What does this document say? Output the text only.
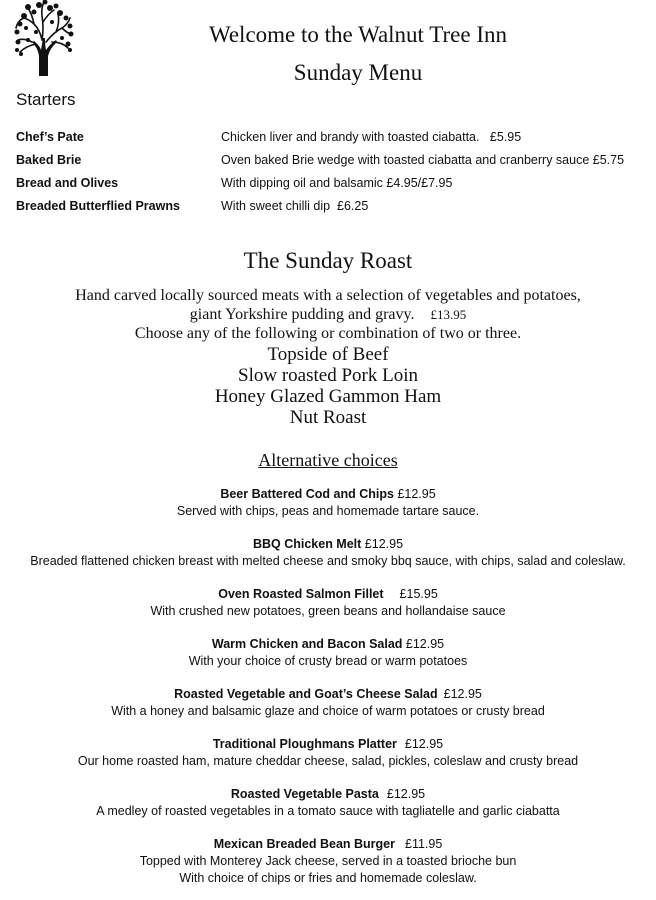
Welcome to the Walnut Tree Inn
Sunday Menu
Starters
Chef’s Pate	Chicken liver and brandy with toasted ciabatta.   £5.95
Baked Brie	Oven baked Brie wedge with toasted ciabatta and cranberry sauce £5.75
Bread and Olives	With dipping oil and balsamic £4.95/£7.95
Breaded Butterflied Prawns	With sweet chilli dip  £6.25
The Sunday Roast
Hand carved locally sourced meats with a selection of vegetables and potatoes,
giant Yorkshire pudding and gravy. £13.95
Choose any of the following or combination of two or three.
Topside of Beef
Slow roasted Pork Loin
Honey Glazed Gammon Ham
Nut Roast
Alternative choices
Beer Battered Cod and Chips £12.95
Served with chips, peas and homemade tartare sauce.
BBQ Chicken Melt £12.95
Breaded flattened chicken breast with melted cheese and smoky bbq sauce, with chips, salad and coleslaw.
Oven Roasted Salmon Fillet £15.95
With crushed new potatoes, green beans and hollandaise sauce
Warm Chicken and Bacon Salad £12.95
With your choice of crusty bread or warm potatoes
Roasted Vegetable and Goat’s Cheese Salad £12.95
With a honey and balsamic glaze and choice of warm potatoes or crusty bread
Traditional Ploughmans Platter £12.95
Our home roasted ham, mature cheddar cheese, salad, pickles, coleslaw and crusty bread
Roasted Vegetable Pasta £12.95
A medley of roasted vegetables in a tomato sauce with tagliatelle and garlic ciabatta
Mexican Breaded Bean Burger £11.95
Topped with Monterey Jack cheese, served in a toasted brioche bun
With choice of chips or fries and homemade coleslaw.
